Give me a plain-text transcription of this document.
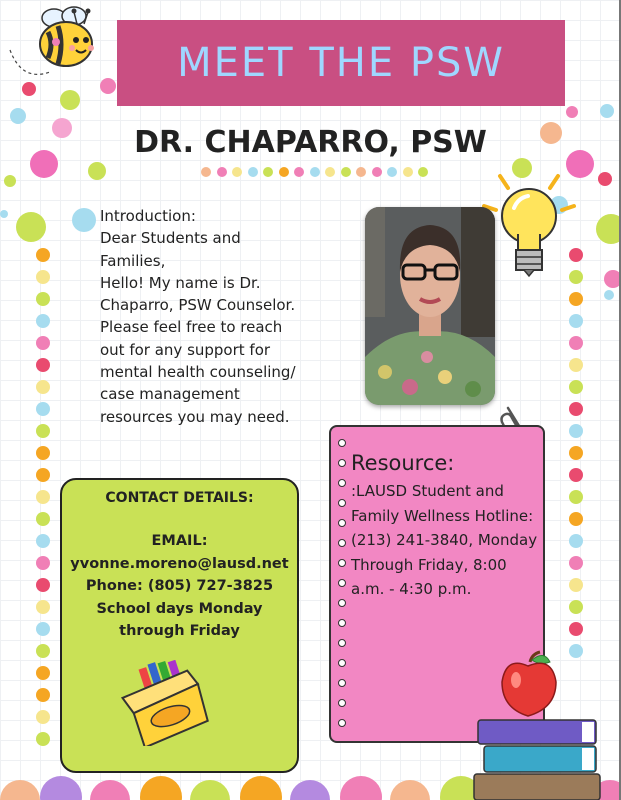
MEET THE PSW
DR. CHAPARRO, PSW
Introduction:
Dear Students and Families,
Hello! My name is Dr. Chaparro, PSW Counselor. Please feel free to reach out for any support for mental health counseling/ case management resources you may need.
Resource:
:LAUSD Student and Family Wellness Hotline: (213) 241-3840, Monday Through Friday, 8:00 a.m. - 4:30 p.m.
CONTACT DETAILS:
EMAIL:
yvonne.moreno@lausd.net
Phone: (805) 727-3825
School days Monday
through Friday
